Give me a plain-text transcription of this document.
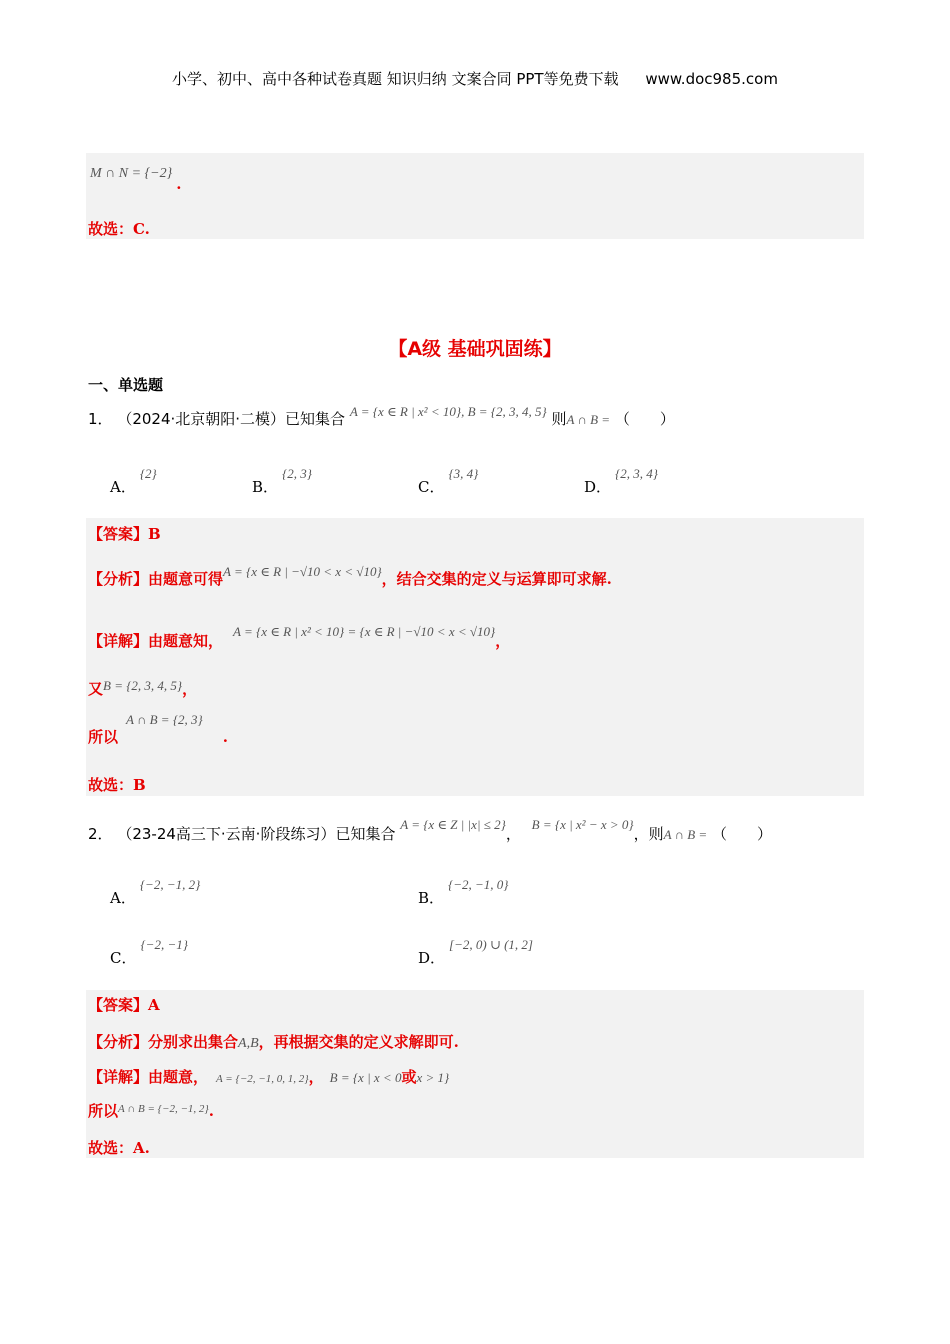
小学、初中、高中各种试卷真题 知识归纳 文案合同 PPT等免费下载 www.doc985.com
M ∩ N = {−2}.
故选：C.
【A级 基础巩固练】
一、单选题
1． （2024·北京朝阳·二模）已知集合 A = {x ∈ R | x² < 10}, B = {2, 3, 4, 5} 则A ∩ B = （　　）
A．{2}
B．{2, 3}
C．{3, 4}
D．{2, 3, 4}
【答案】B
【分析】由题意可得A = {x ∈ R | −√10 < x < √10}，结合交集的定义与运算即可求解.
【详解】由题意知，A = {x ∈ R | x² < 10} = {x ∈ R | −√10 < x < √10}，
又B = {2, 3, 4, 5}，
所以A ∩ B = {2, 3}.
故选：B
2． （23-24高三下·云南·阶段练习）已知集合 A = {x ∈ Z | |x| ≤ 2}， B = {x | x² − x > 0}，则A ∩ B = （　　）
A．{−2, −1, 2}
B．{−2, −1, 0}
C．{−2, −1}
D．[−2, 0) ∪ (1, 2]
【答案】A
【分析】分别求出集合A,B，再根据交集的定义求解即可.
【详解】由题意， A = {−2, −1, 0, 1, 2}， B = {x | x < 0或x > 1}
所以A ∩ B = {−2, −1, 2}.
故选：A.
